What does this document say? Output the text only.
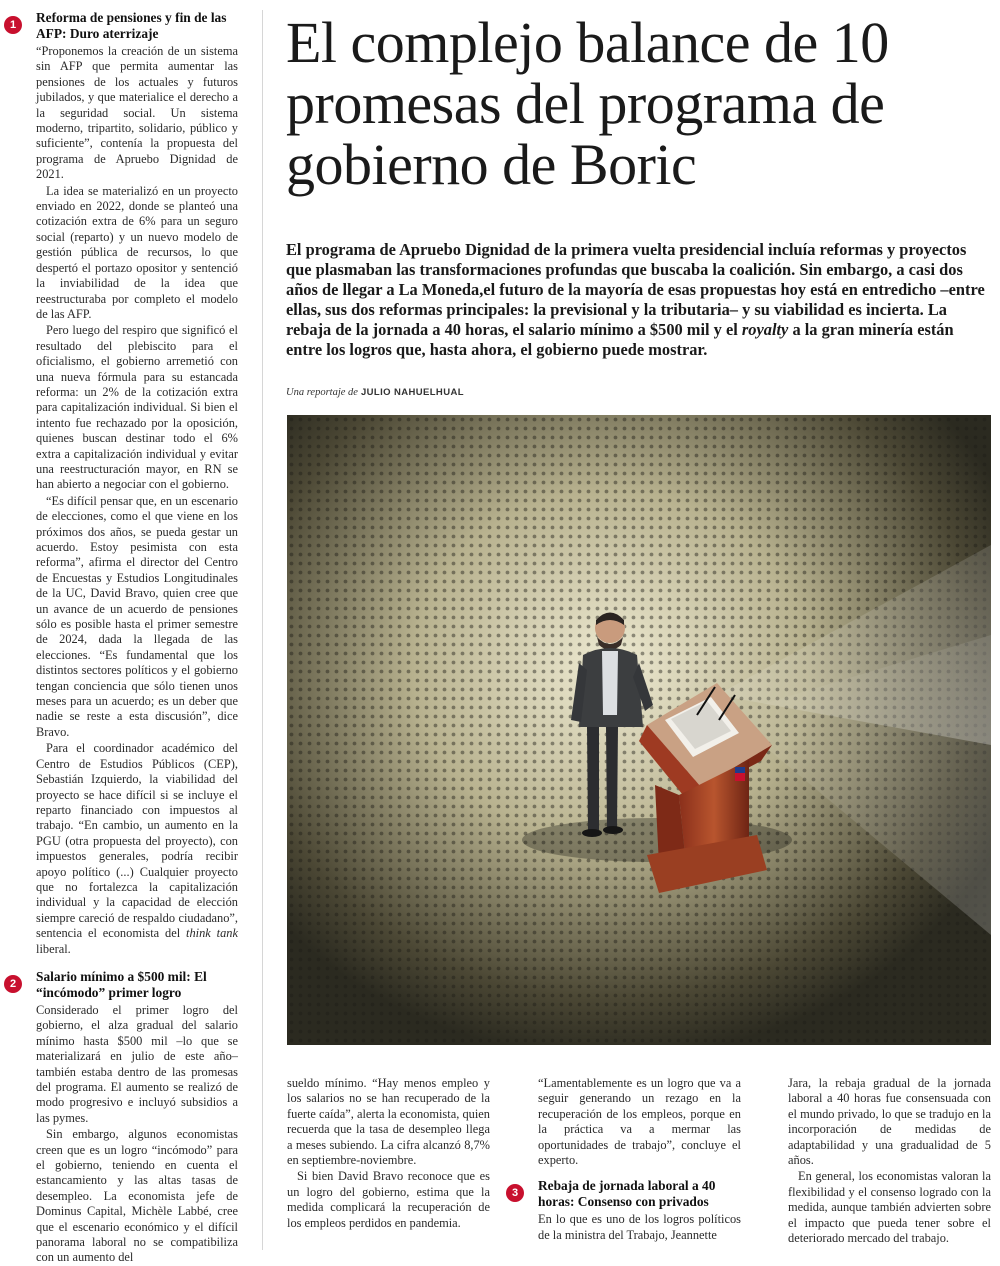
1	Reforma de pensiones y fin de las AFP: Duro aterrizaje

“Proponemos la creación de un sistema sin AFP que permita aumentar las pensiones de los actuales y futuros jubilados, y que materialice el derecho a la seguridad social. Un sistema moderno, tripartito, solidario, público y suficiente”, contenía la propuesta del programa de Apruebo Dignidad de 2021.

La idea se materializó en un proyecto enviado en 2022, donde se planteó una cotización extra de 6% para un seguro social (reparto) y un nuevo modelo de gestión pública de recursos, lo que despertó el portazo opositor y sentenció la inviabilidad de la idea que reestructuraba por completo el modelo de las AFP.

Pero luego del respiro que significó el resultado del plebiscito para el oficialismo, el gobierno arremetió con una nueva fórmula para su estancada reforma: un 2% de la cotización extra para capitalización individual. Si bien el intento fue rechazado por la oposición, quienes buscan destinar todo el 6% extra a capitalización individual y evitar una reestructuración mayor, en RN se han abierto a negociar con el gobierno.

“Es difícil pensar que, en un escenario de elecciones, como el que viene en los próximos dos años, se pueda gestar un acuerdo. Estoy pesimista con esta reforma”, afirma el director del Centro de Encuestas y Estudios Longitudinales de la UC, David Bravo, quien cree que un avance de un acuerdo de pensiones sólo es posible hasta el primer semestre de 2024, dada la llegada de las elecciones. “Es fundamental que los distintos sectores políticos y el gobierno tengan conciencia que sólo tienen unos meses para un acuerdo; es un deber que nadie se reste a esta discusión”, dice Bravo.

Para el coordinador académico del Centro de Estudios Públicos (CEP), Sebastián Izquierdo, la viabilidad del proyecto se hace difícil si se incluye el reparto financiado con impuestos al trabajo. “En cambio, un aumento en la PGU (otra propuesta del proyecto), con impuestos generales, podría recibir apoyo político (...) Cualquier proyecto que no fortalezca la capitalización individual y la capacidad de elección siempre careció de respaldo ciudadano”, sentencia el economista del think tank liberal.

2	Salario mínimo a $500 mil: El “incómodo” primer logro

Considerado el primer logro del gobierno, el alza gradual del salario mínimo hasta $500 mil –lo que se materializará en julio de este año– también estaba dentro de las promesas del programa. El aumento se realizó de modo progresivo e incluyó subsidios a las pymes.

Sin embargo, algunos economistas creen que es un logro “incómodo” para el gobierno, teniendo en cuenta el estancamiento y las altas tasas de desempleo. La economista jefe de Dominus Capital, Michèle Labbé, cree que el escenario económico y el difícil panorama laboral no se compatibiliza con un aumento del

El complejo balance de 10 promesas del programa de gobierno de Boric

El programa de Apruebo Dignidad de la primera vuelta presidencial incluía reformas y proyectos que plasmaban las transformaciones profundas que buscaba la coalición. Sin embargo, a casi dos años de llegar a La Moneda,el futuro de la mayoría de esas propuestas hoy está en entredicho –entre ellas, sus dos reformas principales: la previsional y la tributaria– y su viabilidad es incierta. La rebaja de la jornada a 40 horas, el salario mínimo a $500 mil y el royalty a la gran minería están entre los logros que, hasta ahora, el gobierno puede mostrar.

Una reportaje de JULIO NAHUELHUAL

sueldo mínimo. “Hay menos empleo y los salarios no se han recuperado de la fuerte caída”, alerta la economista, quien recuerda que la tasa de desempleo llega a meses subiendo. La cifra alcanzó 8,7% en septiembre-noviembre.

Si bien David Bravo reconoce que es un logro del gobierno, estima que la medida complicará la recuperación de los empleos perdidos en pandemia.

“Lamentablemente es un logro que va a seguir generando un rezago en la recuperación de los empleos, porque en la práctica va a mermar las oportunidades de trabajo”, concluye el experto.

3	Rebaja de jornada laboral a 40 horas: Consenso con privados

En lo que es uno de los logros políticos de la ministra del Trabajo, Jeannette

Jara, la rebaja gradual de la jornada laboral a 40 horas fue consensuada con el mundo privado, lo que se tradujo en la incorporación de medidas de adaptabilidad y una gradualidad de 5 años.

En general, los economistas valoran la flexibilidad y el consenso logrado con la medida, aunque también advierten sobre el impacto que pueda tener sobre el deteriorado mercado del trabajo.
